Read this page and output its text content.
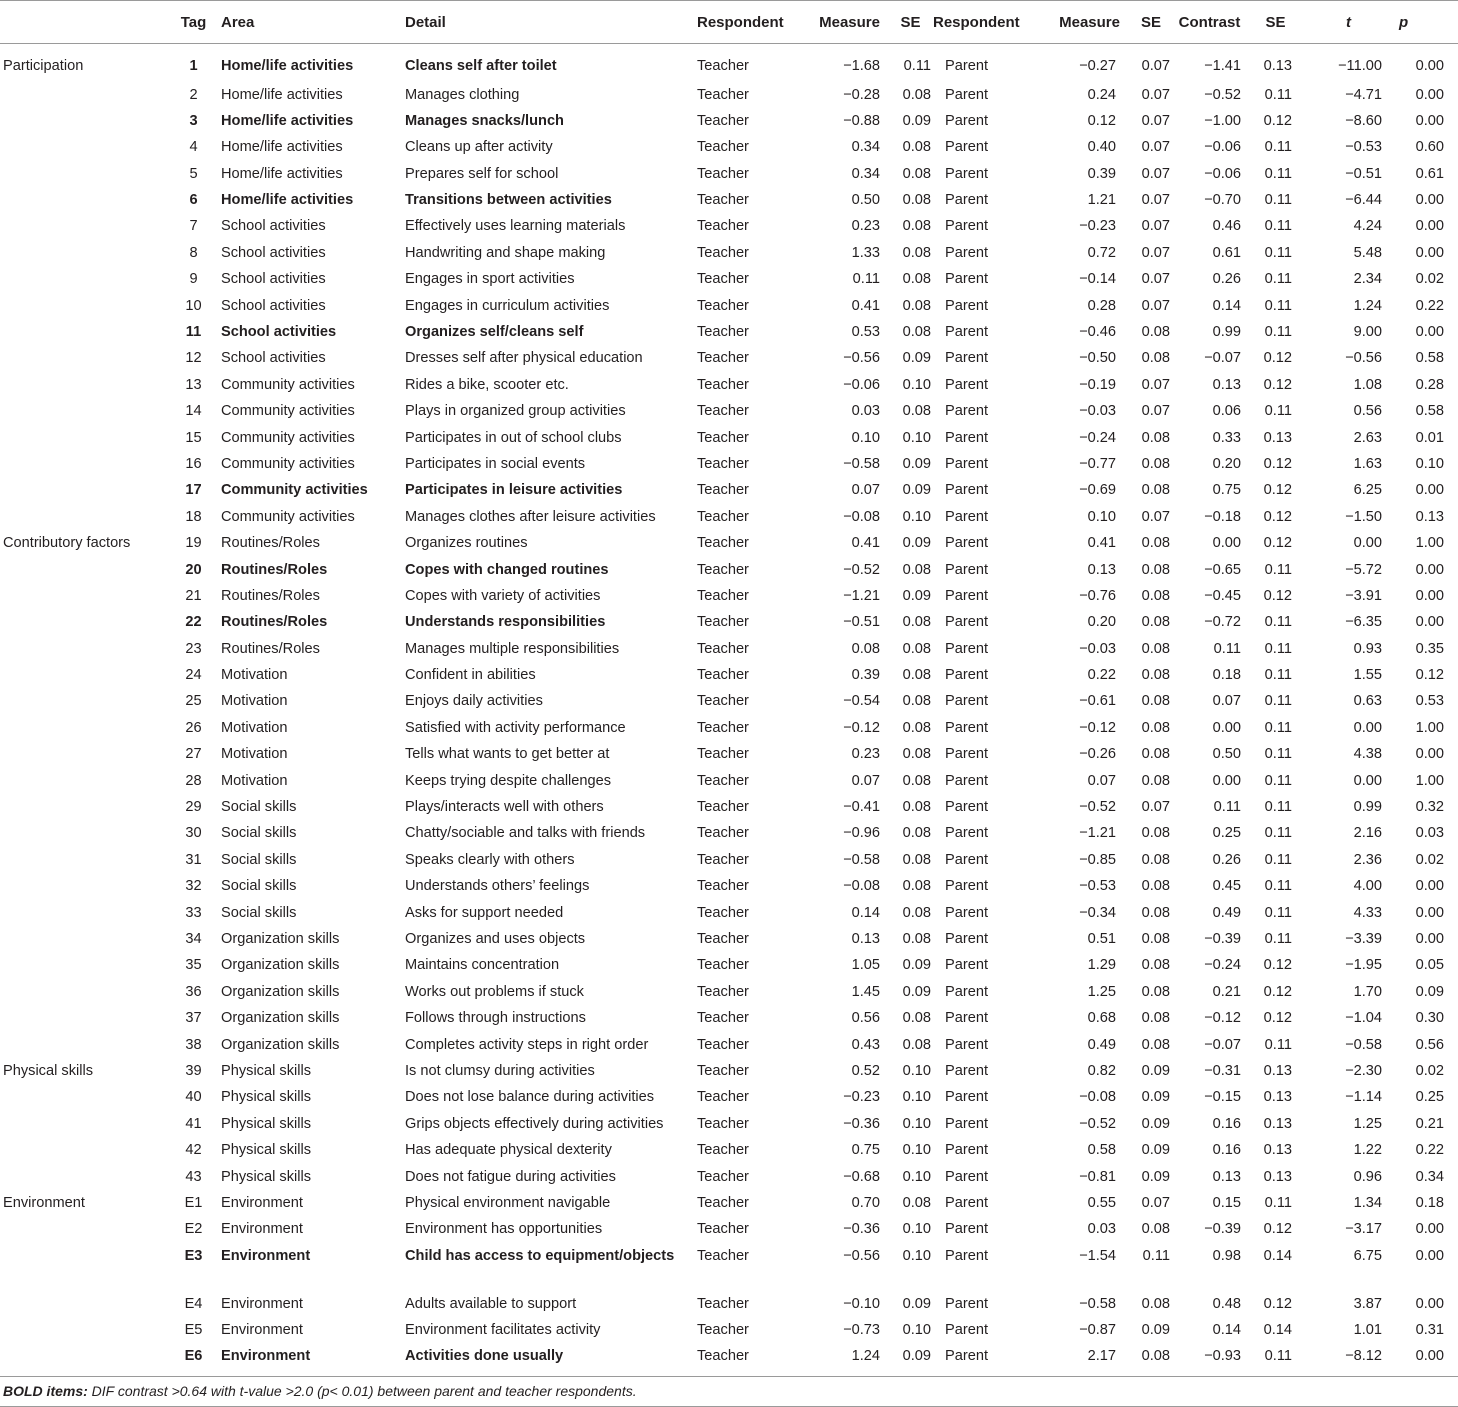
	Tag	Area	Detail	Respondent	Measure	SE	Respondent	Measure	SE	Contrast	SE	t	p
Participation	1	Home/life activities	Cleans self after toilet	Teacher	−1.68	0.11	Parent	−0.27	0.07	−1.41	0.13	−11.00	0.00
	2	Home/life activities	Manages clothing	Teacher	−0.28	0.08	Parent	0.24	0.07	−0.52	0.11	−4.71	0.00
	3	Home/life activities	Manages snacks/lunch	Teacher	−0.88	0.09	Parent	0.12	0.07	−1.00	0.12	−8.60	0.00
	4	Home/life activities	Cleans up after activity	Teacher	0.34	0.08	Parent	0.40	0.07	−0.06	0.11	−0.53	0.60
	5	Home/life activities	Prepares self for school	Teacher	0.34	0.08	Parent	0.39	0.07	−0.06	0.11	−0.51	0.61
	6	Home/life activities	Transitions between activities	Teacher	0.50	0.08	Parent	1.21	0.07	−0.70	0.11	−6.44	0.00
	7	School activities	Effectively uses learning materials	Teacher	0.23	0.08	Parent	−0.23	0.07	0.46	0.11	4.24	0.00
	8	School activities	Handwriting and shape making	Teacher	1.33	0.08	Parent	0.72	0.07	0.61	0.11	5.48	0.00
	9	School activities	Engages in sport activities	Teacher	0.11	0.08	Parent	−0.14	0.07	0.26	0.11	2.34	0.02
	10	School activities	Engages in curriculum activities	Teacher	0.41	0.08	Parent	0.28	0.07	0.14	0.11	1.24	0.22
	11	School activities	Organizes self/cleans self	Teacher	0.53	0.08	Parent	−0.46	0.08	0.99	0.11	9.00	0.00
	12	School activities	Dresses self after physical education	Teacher	−0.56	0.09	Parent	−0.50	0.08	−0.07	0.12	−0.56	0.58
	13	Community activities	Rides a bike, scooter etc.	Teacher	−0.06	0.10	Parent	−0.19	0.07	0.13	0.12	1.08	0.28
	14	Community activities	Plays in organized group activities	Teacher	0.03	0.08	Parent	−0.03	0.07	0.06	0.11	0.56	0.58
	15	Community activities	Participates in out of school clubs	Teacher	0.10	0.10	Parent	−0.24	0.08	0.33	0.13	2.63	0.01
	16	Community activities	Participates in social events	Teacher	−0.58	0.09	Parent	−0.77	0.08	0.20	0.12	1.63	0.10
	17	Community activities	Participates in leisure activities	Teacher	0.07	0.09	Parent	−0.69	0.08	0.75	0.12	6.25	0.00
	18	Community activities	Manages clothes after leisure activities	Teacher	−0.08	0.10	Parent	0.10	0.07	−0.18	0.12	−1.50	0.13
Contributory factors	19	Routines/Roles	Organizes routines	Teacher	0.41	0.09	Parent	0.41	0.08	0.00	0.12	0.00	1.00
	20	Routines/Roles	Copes with changed routines	Teacher	−0.52	0.08	Parent	0.13	0.08	−0.65	0.11	−5.72	0.00
	21	Routines/Roles	Copes with variety of activities	Teacher	−1.21	0.09	Parent	−0.76	0.08	−0.45	0.12	−3.91	0.00
	22	Routines/Roles	Understands responsibilities	Teacher	−0.51	0.08	Parent	0.20	0.08	−0.72	0.11	−6.35	0.00
	23	Routines/Roles	Manages multiple responsibilities	Teacher	0.08	0.08	Parent	−0.03	0.08	0.11	0.11	0.93	0.35
	24	Motivation	Confident in abilities	Teacher	0.39	0.08	Parent	0.22	0.08	0.18	0.11	1.55	0.12
	25	Motivation	Enjoys daily activities	Teacher	−0.54	0.08	Parent	−0.61	0.08	0.07	0.11	0.63	0.53
	26	Motivation	Satisfied with activity performance	Teacher	−0.12	0.08	Parent	−0.12	0.08	0.00	0.11	0.00	1.00
	27	Motivation	Tells what wants to get better at	Teacher	0.23	0.08	Parent	−0.26	0.08	0.50	0.11	4.38	0.00
	28	Motivation	Keeps trying despite challenges	Teacher	0.07	0.08	Parent	0.07	0.08	0.00	0.11	0.00	1.00
	29	Social skills	Plays/interacts well with others	Teacher	−0.41	0.08	Parent	−0.52	0.07	0.11	0.11	0.99	0.32
	30	Social skills	Chatty/sociable and talks with friends	Teacher	−0.96	0.08	Parent	−1.21	0.08	0.25	0.11	2.16	0.03
	31	Social skills	Speaks clearly with others	Teacher	−0.58	0.08	Parent	−0.85	0.08	0.26	0.11	2.36	0.02
	32	Social skills	Understands others’ feelings	Teacher	−0.08	0.08	Parent	−0.53	0.08	0.45	0.11	4.00	0.00
	33	Social skills	Asks for support needed	Teacher	0.14	0.08	Parent	−0.34	0.08	0.49	0.11	4.33	0.00
	34	Organization skills	Organizes and uses objects	Teacher	0.13	0.08	Parent	0.51	0.08	−0.39	0.11	−3.39	0.00
	35	Organization skills	Maintains concentration	Teacher	1.05	0.09	Parent	1.29	0.08	−0.24	0.12	−1.95	0.05
	36	Organization skills	Works out problems if stuck	Teacher	1.45	0.09	Parent	1.25	0.08	0.21	0.12	1.70	0.09
	37	Organization skills	Follows through instructions	Teacher	0.56	0.08	Parent	0.68	0.08	−0.12	0.12	−1.04	0.30
	38	Organization skills	Completes activity steps in right order	Teacher	0.43	0.08	Parent	0.49	0.08	−0.07	0.11	−0.58	0.56
Physical skills	39	Physical skills	Is not clumsy during activities	Teacher	0.52	0.10	Parent	0.82	0.09	−0.31	0.13	−2.30	0.02
	40	Physical skills	Does not lose balance during activities	Teacher	−0.23	0.10	Parent	−0.08	0.09	−0.15	0.13	−1.14	0.25
	41	Physical skills	Grips objects effectively during activities	Teacher	−0.36	0.10	Parent	−0.52	0.09	0.16	0.13	1.25	0.21
	42	Physical skills	Has adequate physical dexterity	Teacher	0.75	0.10	Parent	0.58	0.09	0.16	0.13	1.22	0.22
	43	Physical skills	Does not fatigue during activities	Teacher	−0.68	0.10	Parent	−0.81	0.09	0.13	0.13	0.96	0.34
Environment	E1	Environment	Physical environment navigable	Teacher	0.70	0.08	Parent	0.55	0.07	0.15	0.11	1.34	0.18
	E2	Environment	Environment has opportunities	Teacher	−0.36	0.10	Parent	0.03	0.08	−0.39	0.12	−3.17	0.00
	E3	Environment	Child has access to equipment/objects	Teacher	−0.56	0.10	Parent	−1.54	0.11	0.98	0.14	6.75	0.00
	E4	Environment	Adults available to support	Teacher	−0.10	0.09	Parent	−0.58	0.08	0.48	0.12	3.87	0.00
	E5	Environment	Environment facilitates activity	Teacher	−0.73	0.10	Parent	−0.87	0.09	0.14	0.14	1.01	0.31
	E6	Environment	Activities done usually	Teacher	1.24	0.09	Parent	2.17	0.08	−0.93	0.11	−8.12	0.00
BOLD items: DIF contrast >0.64 with t-value >2.0 (p< 0.01) between parent and teacher respondents.
